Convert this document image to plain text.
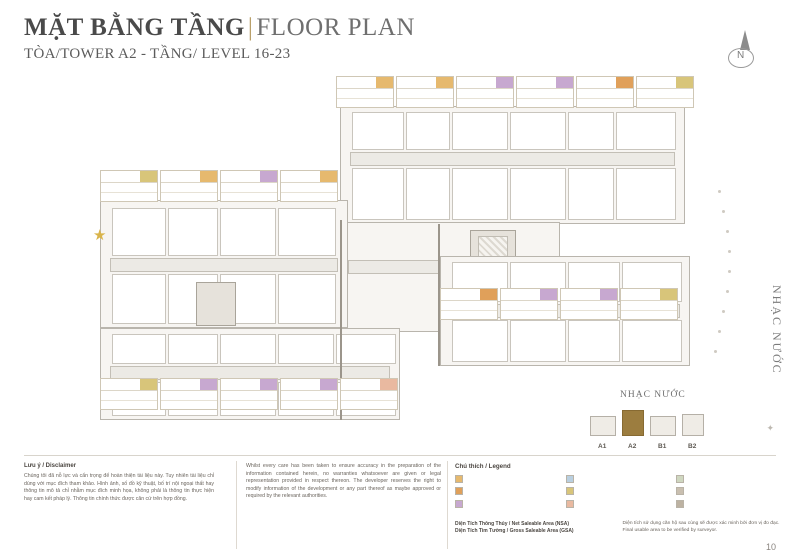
MẶT BẰNG TẦNG | FLOOR PLAN
TÒA/TOWER A2 - TẦNG/ LEVEL 16-23	N
★
NHẠC NƯỚC
NHẠC NƯỚC
✦
A1	A2	B1	B2
Lưu ý / Disclaimer
Chúng tôi đã nỗ lực và cẩn trọng để hoàn thiện tài liệu này. Tuy nhiên tài liệu chỉ dùng với mục đích tham khảo. Hình ảnh, số đồ kỹ thuật, bố trí nội ngoại thất hay thông tin mô tả chỉ nhằm mục đích minh họa, không phải là thông tin thực hiện hay cam kết pháp lý. Thông tin chính thức được căn cứ trên hợp đồng.
Whilst every care has been taken to ensure accuracy in the preparation of the information contained herein, no warranties whatsoever are given or legal representation provided in respect thereon. The developer reserves the right to modify information of the development or any part thereof as maybe approved or required by the relevant authorities.
Chú thích / Legend

Diện Tích Thông Thủy / Net Saleable Area (NSA)
Diện Tích Tim Tường / Gross Saleable Area (GSA)
Diện tích sử dụng căn hộ sau cùng sẽ được xác minh bởi đơn vị đo đạc.
Final usable area to be verified by surveyor.
10
